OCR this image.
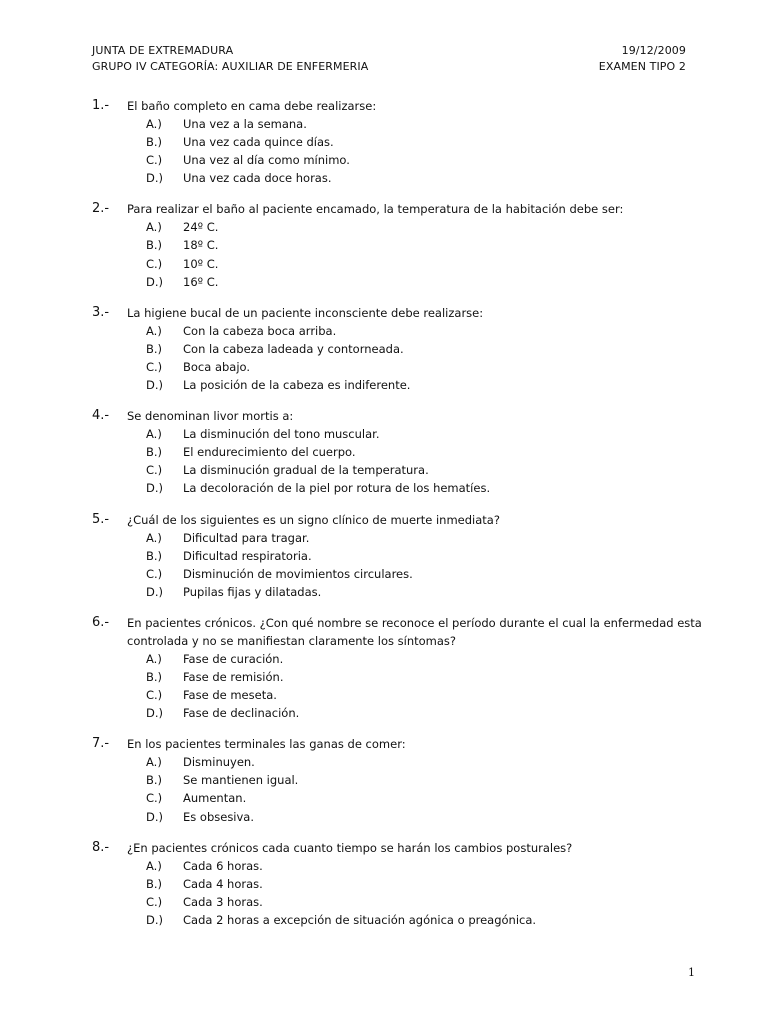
JUNTA DE EXTREMADURA	19/12/2009
GRUPO IV CATEGORÍA: AUXILIAR DE ENFERMERIA	EXAMEN TIPO 2
1.-	El baño completo en cama debe realizarse:
A.)	Una vez a la semana.
B.)	Una vez cada quince días.
C.)	Una vez al día como mínimo.
D.)	Una vez cada doce horas.
2.-	Para realizar el baño al paciente encamado, la temperatura de la habitación debe ser:
A.)	24º C.
B.)	18º C.
C.)	10º C.
D.)	16º C.
3.-	La higiene bucal de un paciente inconsciente debe realizarse:
A.)	Con la cabeza boca arriba.
B.)	Con la cabeza ladeada y contorneada.
C.)	Boca abajo.
D.)	La posición de la cabeza es indiferente.
4.-	Se denominan livor mortis a:
A.)	La disminución del tono muscular.
B.)	El endurecimiento del cuerpo.
C.)	La disminución gradual de la temperatura.
D.)	La decoloración de la piel por rotura de los hematíes.
5.-	¿Cuál de los siguientes es un signo clínico de muerte inmediata?
A.)	Dificultad para tragar.
B.)	Dificultad respiratoria.
C.)	Disminución de movimientos circulares.
D.)	Pupilas fijas y dilatadas.
6.-	En pacientes crónicos. ¿Con qué nombre se reconoce el período durante el cual la enfermedad esta controlada y no se manifiestan claramente los síntomas?
A.)	Fase de curación.
B.)	Fase de remisión.
C.)	Fase de meseta.
D.)	Fase de declinación.
7.-	En los pacientes terminales las ganas de comer:
A.)	Disminuyen.
B.)	Se mantienen igual.
C.)	Aumentan.
D.)	Es obsesiva.
8.-	¿En pacientes crónicos cada cuanto tiempo se harán los cambios posturales?
A.)	Cada 6 horas.
B.)	Cada 4 horas.
C.)	Cada 3 horas.
D.)	Cada 2 horas a excepción de situación agónica o preagónica.
1
